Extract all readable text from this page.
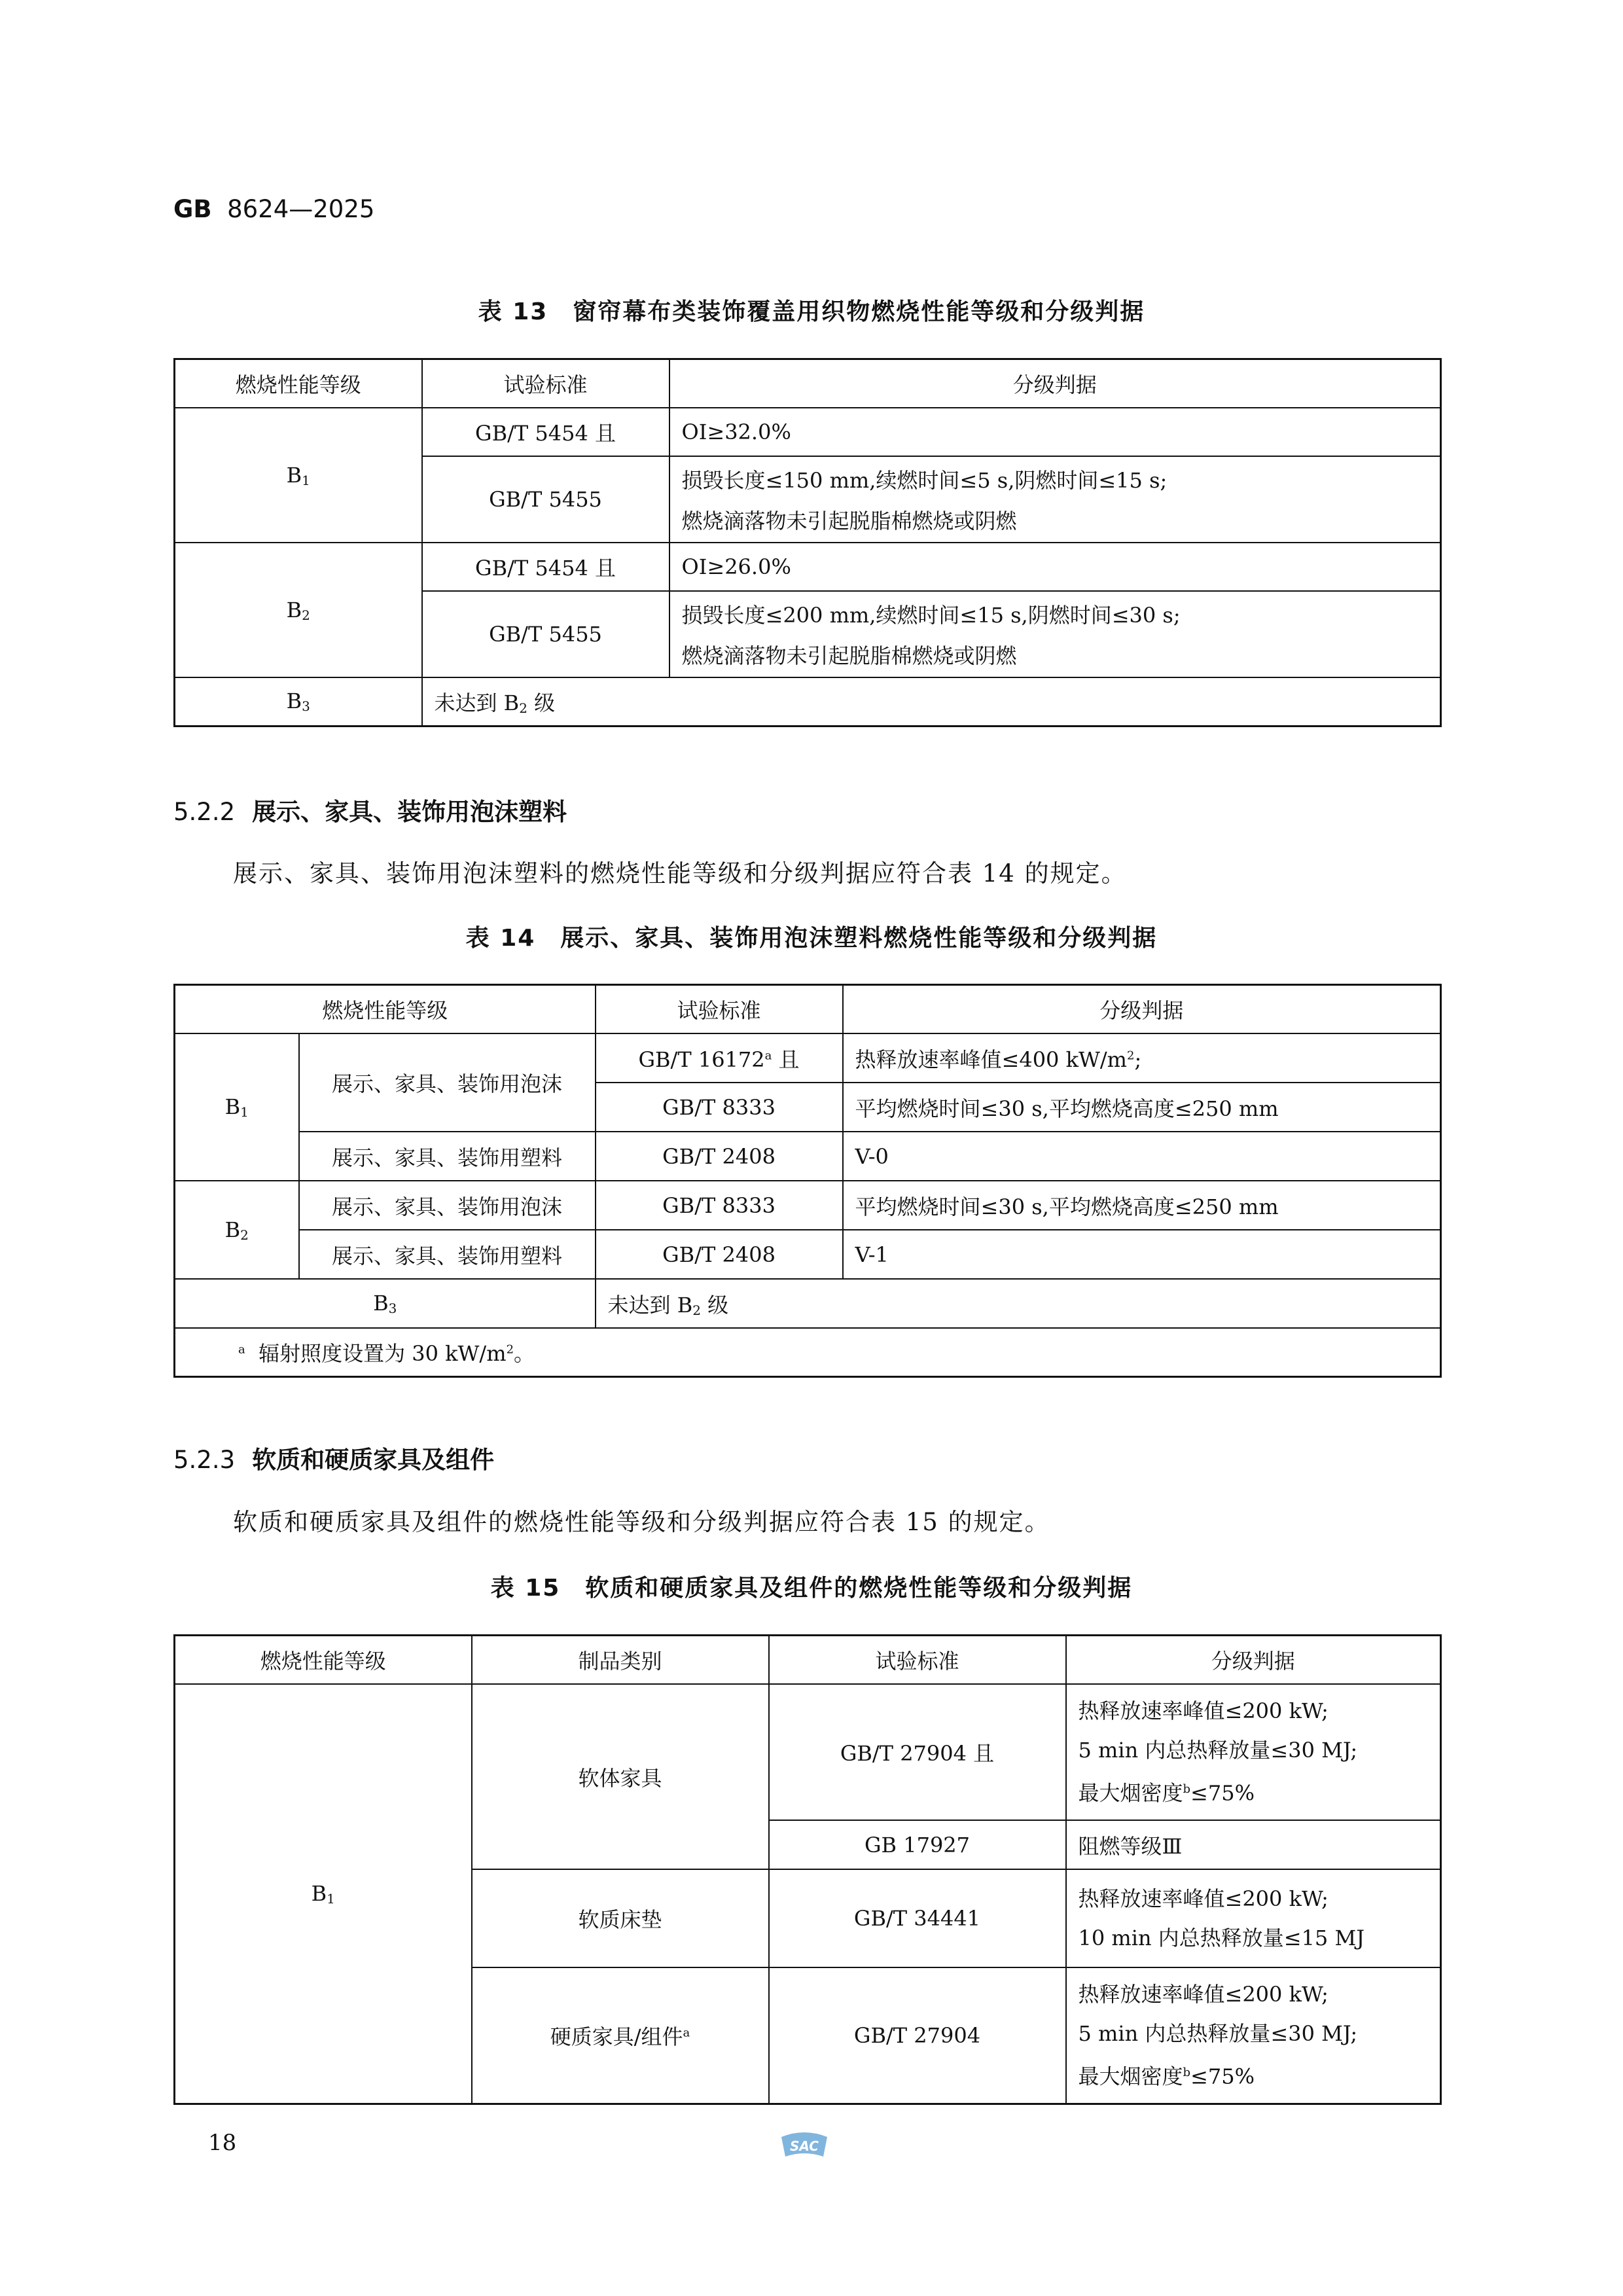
GB 8624—2025
表 13　窗帘幕布类装饰覆盖用织物燃烧性能等级和分级判据
燃烧性能等级	试验标准	分级判据
$B_1$	GB/T 5454 且	OI≥32.0%
	GB/T 5455	损毁长度≤150 mm,续燃时间≤5 s,阴燃时间≤15 s;
燃烧滴落物未引起脱脂棉燃烧或阴燃

$B_2$	GB/T 5454 且	OI≥26.0%
	GB/T 5455	损毁长度≤200 mm,续燃时间≤15 s,阴燃时间≤30 s;
燃烧滴落物未引起脱脂棉燃烧或阴燃

$B_3$	未达到 $B_2$ 级	
5.2.2 展示、家具、装饰用泡沫塑料
展示、家具、装饰用泡沫塑料的燃烧性能等级和分级判据应符合表 14 的规定。
表 14　展示、家具、装饰用泡沫塑料燃烧性能等级和分级判据
燃烧性能等级		试验标准	分级判据
$B_1$	展示、家具、装饰用泡沫	GB/T 16172$^a$ 且	热释放速率峰值≤400 $kW/m^2$;
		GB/T 8333	平均燃烧时间≤30 s,平均燃烧高度≤250 mm
	展示、家具、装饰用塑料	GB/T 2408	V-0
$B_2$	展示、家具、装饰用泡沫	GB/T 8333	平均燃烧时间≤30 s,平均燃烧高度≤250 mm
	展示、家具、装饰用塑料	GB/T 2408	V-1
$B_3$		未达到 $B_2$ 级	
$^a$ 辐射照度设置为 30 $kW/m^2$。			
5.2.3 软质和硬质家具及组件
软质和硬质家具及组件的燃烧性能等级和分级判据应符合表 15 的规定。
表 15　软质和硬质家具及组件的燃烧性能等级和分级判据
燃烧性能等级	制品类别	试验标准	分级判据
$B_1$	软体家具	GB/T 27904 且	热释放速率峰值≤200 kW;
5 min 内总热释放量≤30 MJ;
最大烟密度$^b$≤75%

		GB 17927	阻燃等级Ⅲ
	软质床垫	GB/T 34441	热释放速率峰值≤200 kW;
10 min 内总热释放量≤15 MJ

	硬质家具/组件$^a$	GB/T 27904	热释放速率峰值≤200 kW;
5 min 内总热释放量≤30 MJ;
最大烟密度$^b$≤75%
18	SAC
